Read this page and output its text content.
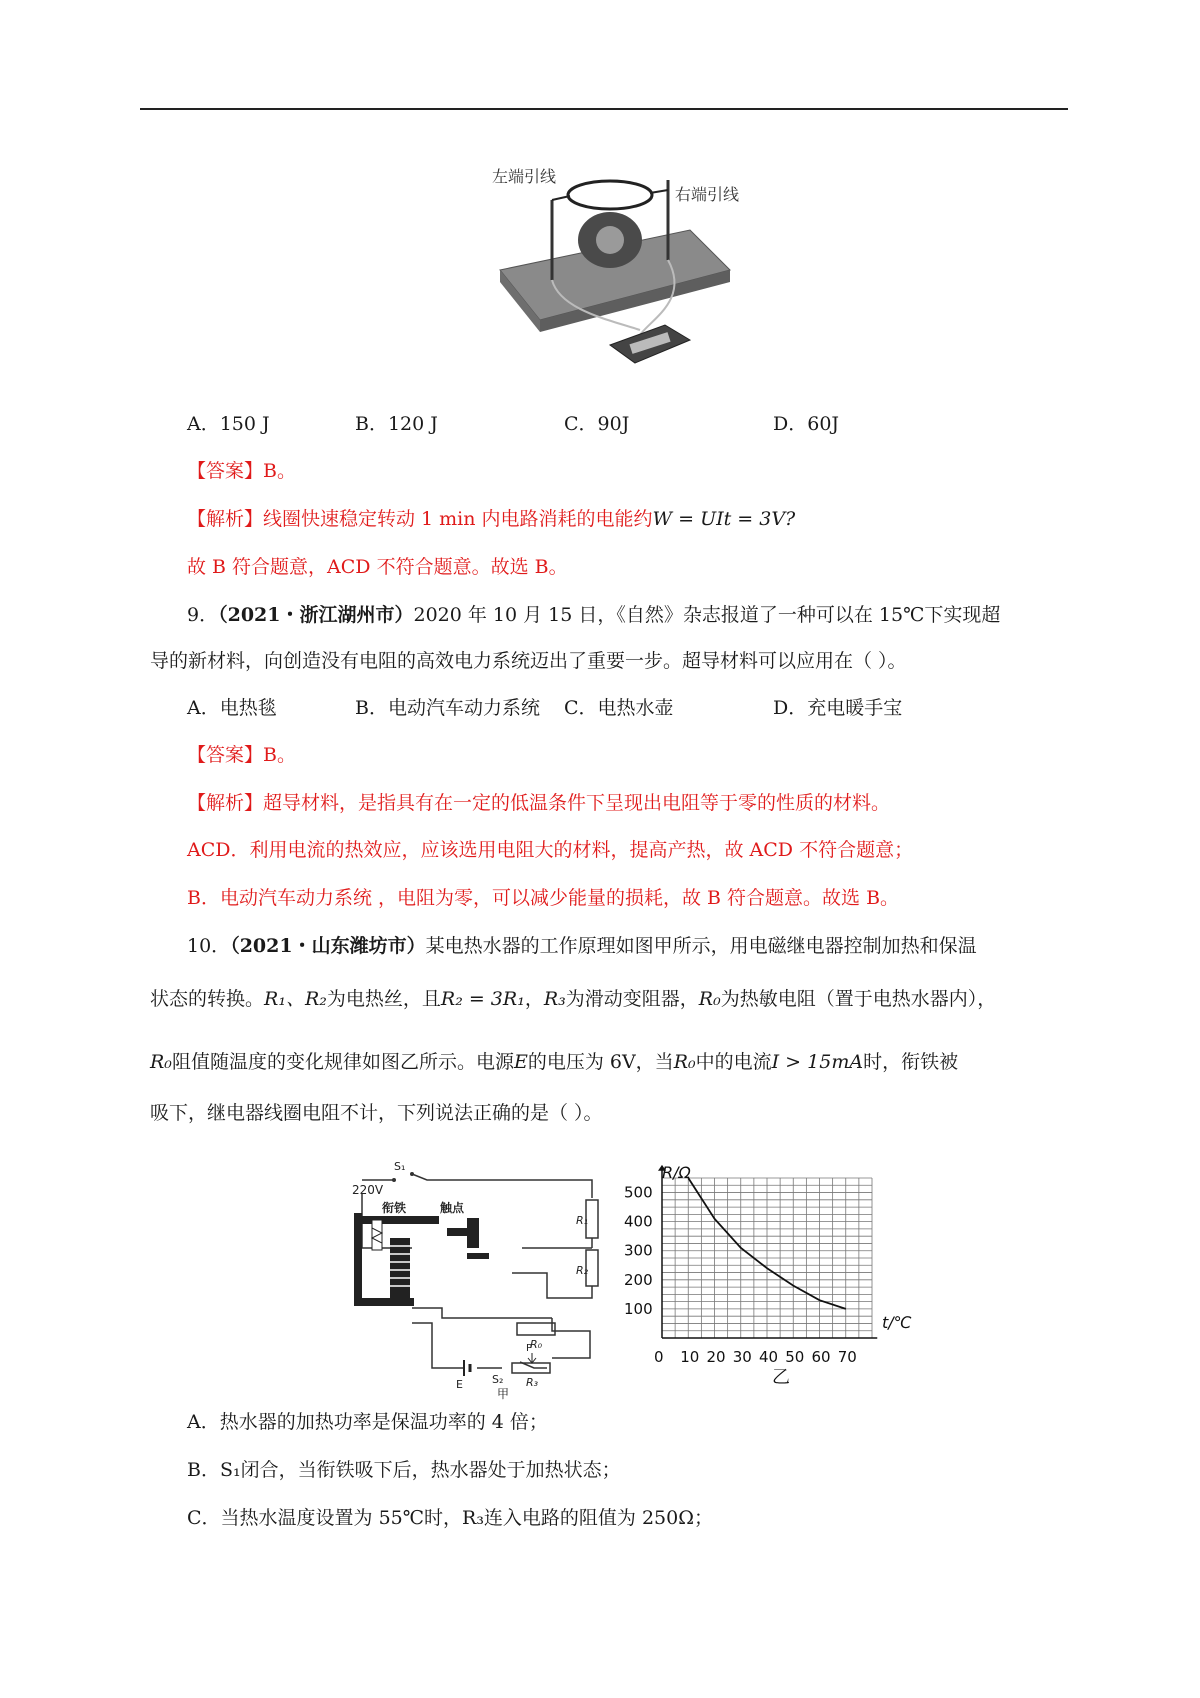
左端引线
右端引线
A．150 J	B．120 J	C．90J	D．60J
【答案】B。
【解析】线圈快速稳定转动 1 min 内电路消耗的电能约W = UIt = 3V?
故 B 符合题意，ACD 不符合题意。故选 B。
9．（2021・浙江湖州市）2020 年 10 月 15 日，《自然》杂志报道了一种可以在 15℃下实现超
导的新材料，向创造没有电阻的高效电力系统迈出了重要一步。超导材料可以应用在（ ）。
A．电热毯	B．电动汽车动力系统 C．电热水壶	D．充电暖手宝
【答案】B。
【解析】超导材料，是指具有在一定的低温条件下呈现出电阻等于零的性质的材料。
ACD．利用电流的热效应，应该选用电阻大的材料，提高产热，故 ACD 不符合题意；
B．电动汽车动力系统 ，电阻为零，可以减少能量的损耗，故 B 符合题意。故选 B。
10．（2021・山东潍坊市）某电热水器的工作原理如图甲所示，用电磁继电器控制加热和保温
状态的转换。R₁、R₂为电热丝，且R₂ = 3R₁，R₃为滑动变阻器，R₀为热敏电阻（置于电热水器内），
R₀阻值随温度的变化规律如图乙所示。电源E的电压为 6V，当R₀中的电流I > 15mA时，衔铁被
吸下，继电器线圈电阻不计，下列说法正确的是（ ）。
S₁
220V
衔铁	触点
R₁
R₂
R₀
E	S₂
P
R₃
甲
0 10 20 30 40 50 60 70
100
200
300
400
500
R/Ω
t/℃
乙
A．热水器的加热功率是保温功率的 4 倍；
B．S₁闭合，当衔铁吸下后，热水器处于加热状态；
C．当热水温度设置为 55℃时，R₃连入电路的阻值为 250Ω；
